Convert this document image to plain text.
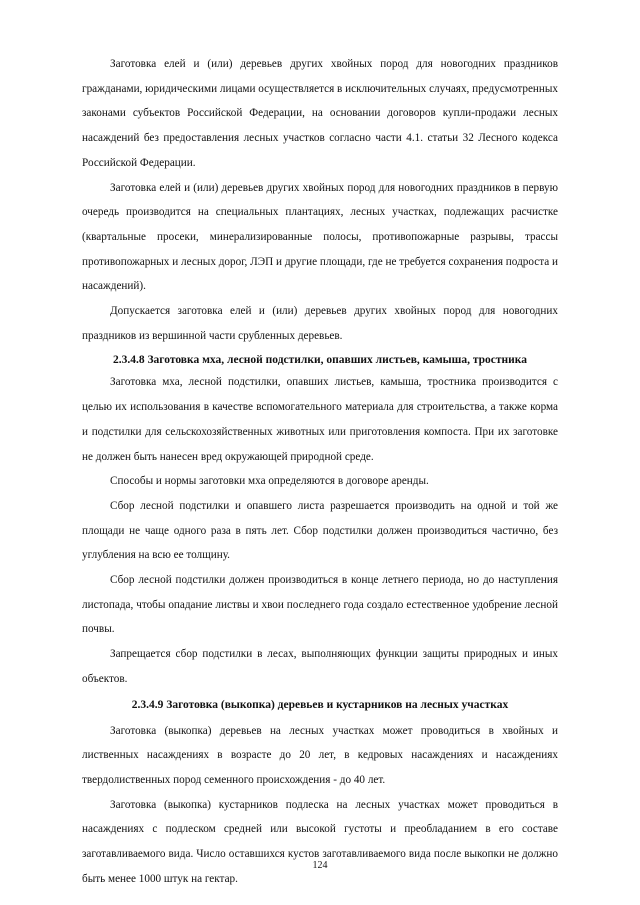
Заготовка елей и (или) деревьев других хвойных пород для новогодних праздников гражданами, юридическими лицами осуществляется в исключительных случаях, предусмотренных законами субъектов Российской Федерации, на основании договоров купли-продажи лесных насаждений без предоставления лесных участков согласно части 4.1. статьи 32 Лесного кодекса Российской Федерации.

Заготовка елей и (или) деревьев других хвойных пород для новогодних праздников в первую очередь производится на специальных плантациях, лесных участках, подлежащих расчистке (квартальные просеки, минерализированные полосы, противопожарные разрывы, трассы противопожарных и лесных дорог, ЛЭП и другие площади, где не требуется сохранения подроста и насаждений).

Допускается заготовка елей и (или) деревьев других хвойных пород для новогодних праздников из вершинной части срубленных деревьев.

2.3.4.8 Заготовка мха, лесной подстилки, опавших листьев, камыша, тростника

Заготовка мха, лесной подстилки, опавших листьев, камыша, тростника производится с целью их использования в качестве вспомогательного материала для строительства, а также корма и подстилки для сельскохозяйственных животных или приготовления компоста. При их заготовке не должен быть нанесен вред окружающей природной среде.

Способы и нормы заготовки мха определяются в договоре аренды.

Сбор лесной подстилки и опавшего листа разрешается производить на одной и той же площади не чаще одного раза в пять лет. Сбор подстилки должен производиться частично, без углубления на всю ее толщину.

Сбор лесной подстилки должен производиться в конце летнего периода, но до наступления листопада, чтобы опадание листвы и хвои последнего года создало естественное удобрение лесной почвы.

Запрещается сбор подстилки в лесах, выполняющих функции защиты природных и иных объектов.

2.3.4.9 Заготовка (выкопка) деревьев и кустарников на лесных участках

Заготовка (выкопка) деревьев на лесных участках может проводиться в хвойных и лиственных насаждениях в возрасте до 20 лет, в кедровых насаждениях и насаждениях твердолиственных пород семенного происхождения - до 40 лет.

Заготовка (выкопка) кустарников подлеска на лесных участках может проводиться в насаждениях с подлеском средней или высокой густоты и преобладанием в его составе заготавливаемого вида. Число оставшихся кустов заготавливаемого вида после выкопки не должно быть менее 1000 штук на гектар.

124
